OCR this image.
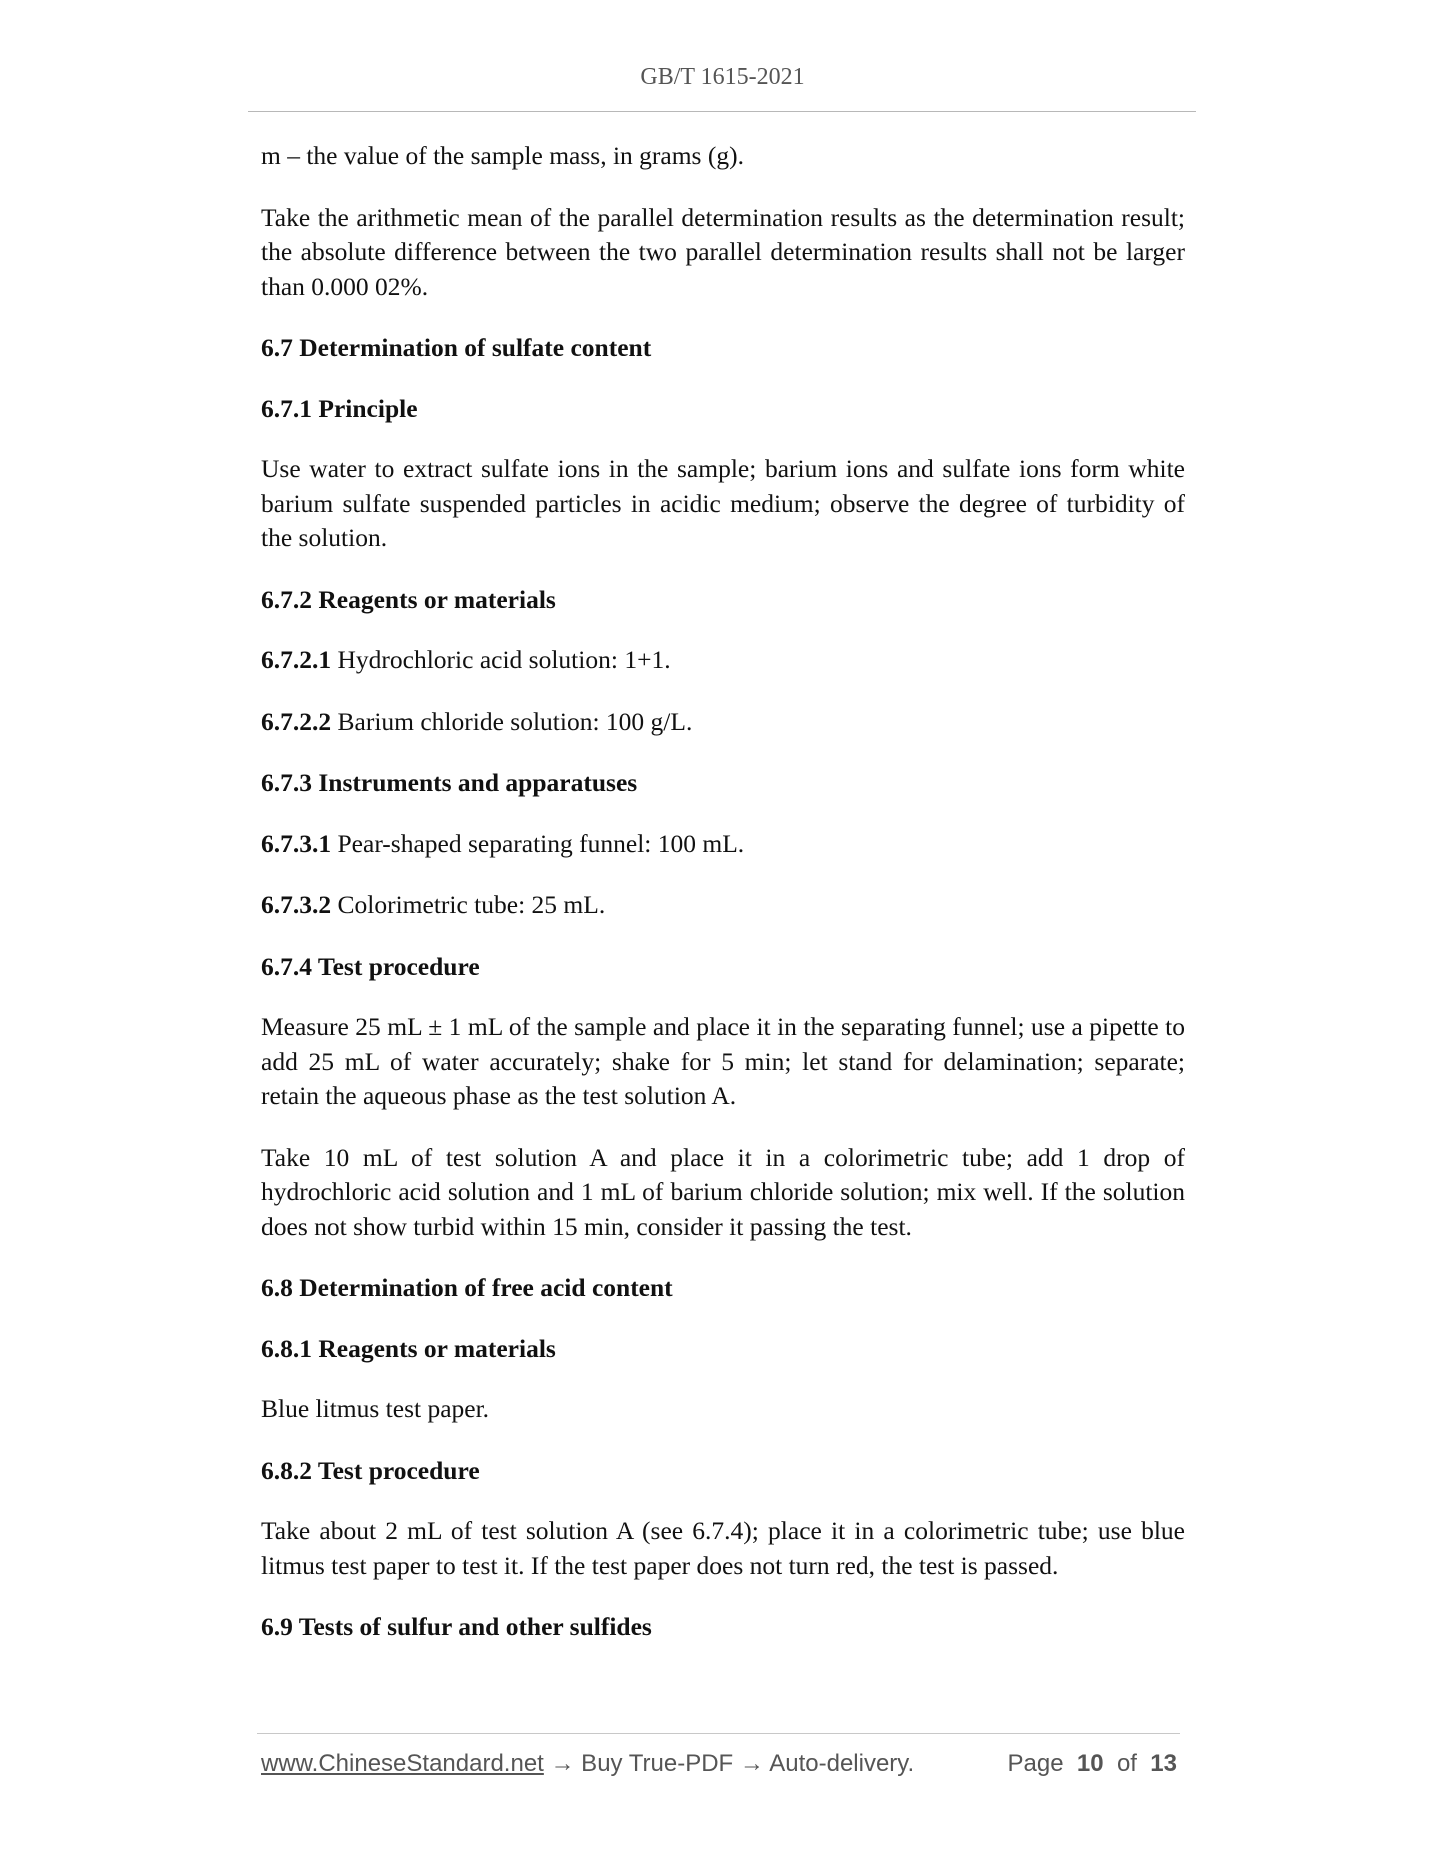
GB/T 1615-2021

m – the value of the sample mass, in grams (g).

Take the arithmetic mean of the parallel determination results as the determination result; the absolute difference between the two parallel determination results shall not be larger than 0.000 02%.

6.7 Determination of sulfate content

6.7.1 Principle

Use water to extract sulfate ions in the sample; barium ions and sulfate ions form white barium sulfate suspended particles in acidic medium; observe the degree of turbidity of the solution.

6.7.2 Reagents or materials

6.7.2.1 Hydrochloric acid solution: 1+1.

6.7.2.2 Barium chloride solution: 100 g/L.

6.7.3 Instruments and apparatuses

6.7.3.1 Pear-shaped separating funnel: 100 mL.

6.7.3.2 Colorimetric tube: 25 mL.

6.7.4 Test procedure

Measure 25 mL ± 1 mL of the sample and place it in the separating funnel; use a pipette to add 25 mL of water accurately; shake for 5 min; let stand for delamination; separate; retain the aqueous phase as the test solution A.

Take 10 mL of test solution A and place it in a colorimetric tube; add 1 drop of hydrochloric acid solution and 1 mL of barium chloride solution; mix well. If the solution does not show turbid within 15 min, consider it passing the test.

6.8 Determination of free acid content

6.8.1 Reagents or materials

Blue litmus test paper.

6.8.2 Test procedure

Take about 2 mL of test solution A (see 6.7.4); place it in a colorimetric tube; use blue litmus test paper to test it. If the test paper does not turn red, the test is passed.

6.9 Tests of sulfur and other sulfides

www.ChineseStandard.net → Buy True-PDF → Auto-delivery.	Page 10 of 13
